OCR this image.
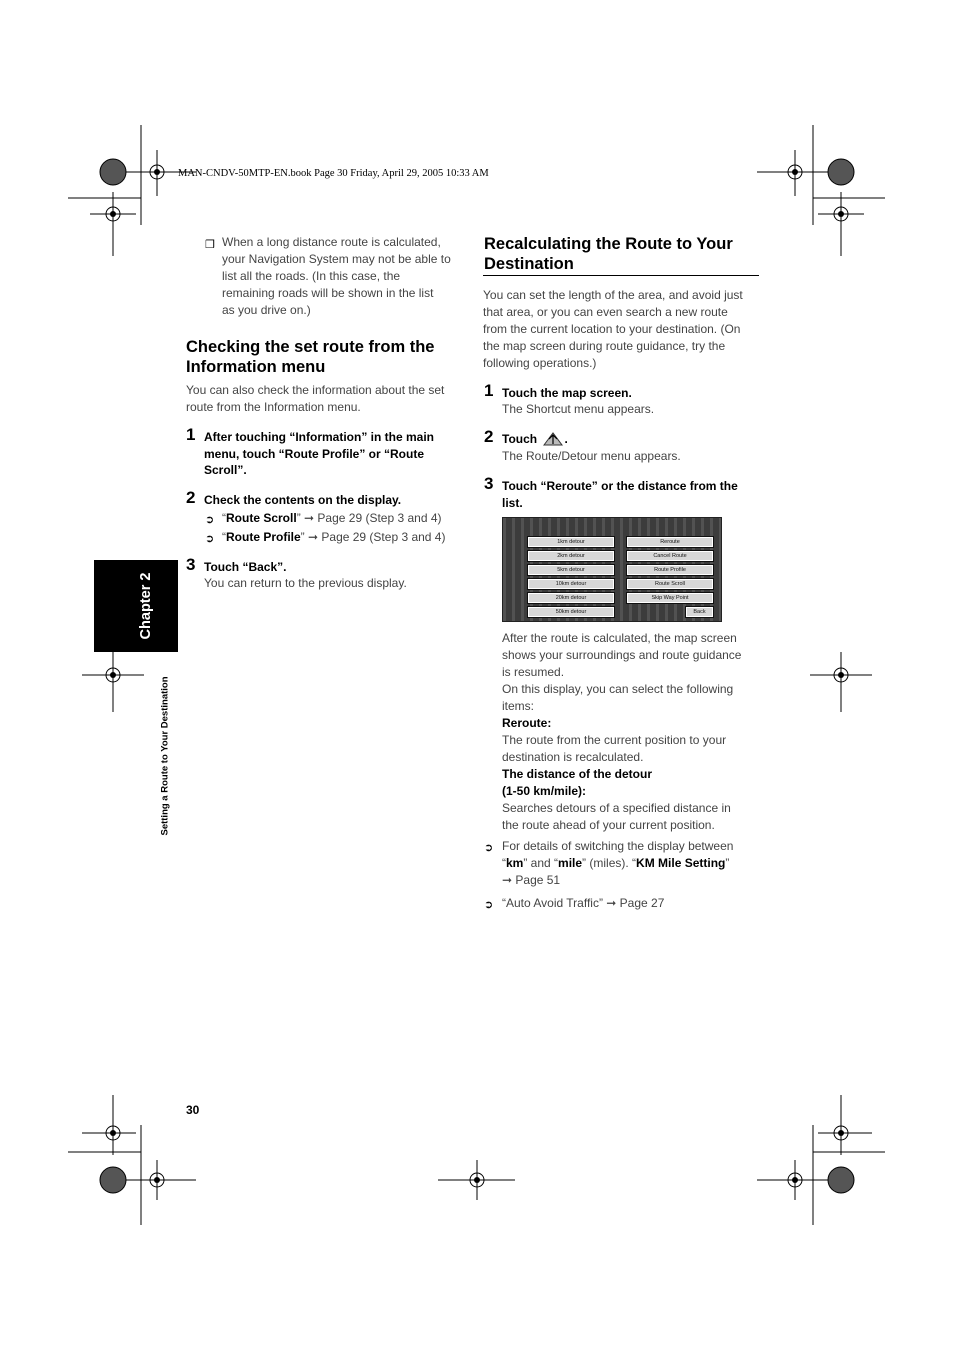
MAN-CNDV-50MTP-EN.book Page 30 Friday, April 29, 2005 10:33 AM
❒ When a long distance route is calculated,
your Navigation System may not be able to
list all the roads. (In this case, the
remaining roads will be shown in the list
as you drive on.)
Checking the set route from the
Information menu
You can also check the information about the set
route from the Information menu.
1 After touching “Information” in the main
menu, touch “Route Profile” or “Route
Scroll”.
2 Check the contents on the display.
➲ “Route Scroll” ➞ Page 29 (Step 3 and 4)
➲ “Route Profile” ➞ Page 29 (Step 3 and 4)
3 Touch “Back”.
You can return to the previous display.
Recalculating the Route to Your
Destination
You can set the length of the area, and avoid just
that area, or you can even search a new route
from the current location to your destination. (On
the map screen during route guidance, try the
following operations.)
1 Touch the map screen.
The Shortcut menu appears.
2 Touch .
The Route/Detour menu appears.
3 Touch “Reroute” or the distance from the
list.
1km detour
2km detour
5km detour
10km detour
20km detour
50km detour
Reroute
Cancel Route
Route Profile
Route Scroll
Skip Way Point
Back
After the route is calculated, the map screen
shows your surroundings and route guidance
is resumed.
On this display, you can select the following
items:
Reroute:
The route from the current position to your
destination is recalculated.
The distance of the detour
(1-50 km/mile):
Searches detours of a specified distance in
the route ahead of your current position.
➲ For details of switching the display between
“km” and “mile” (miles). “KM Mile Setting”
➞ Page 51
➲ “Auto Avoid Traffic” ➞ Page 27
Chapter 2
Setting a Route to Your Destination
30
